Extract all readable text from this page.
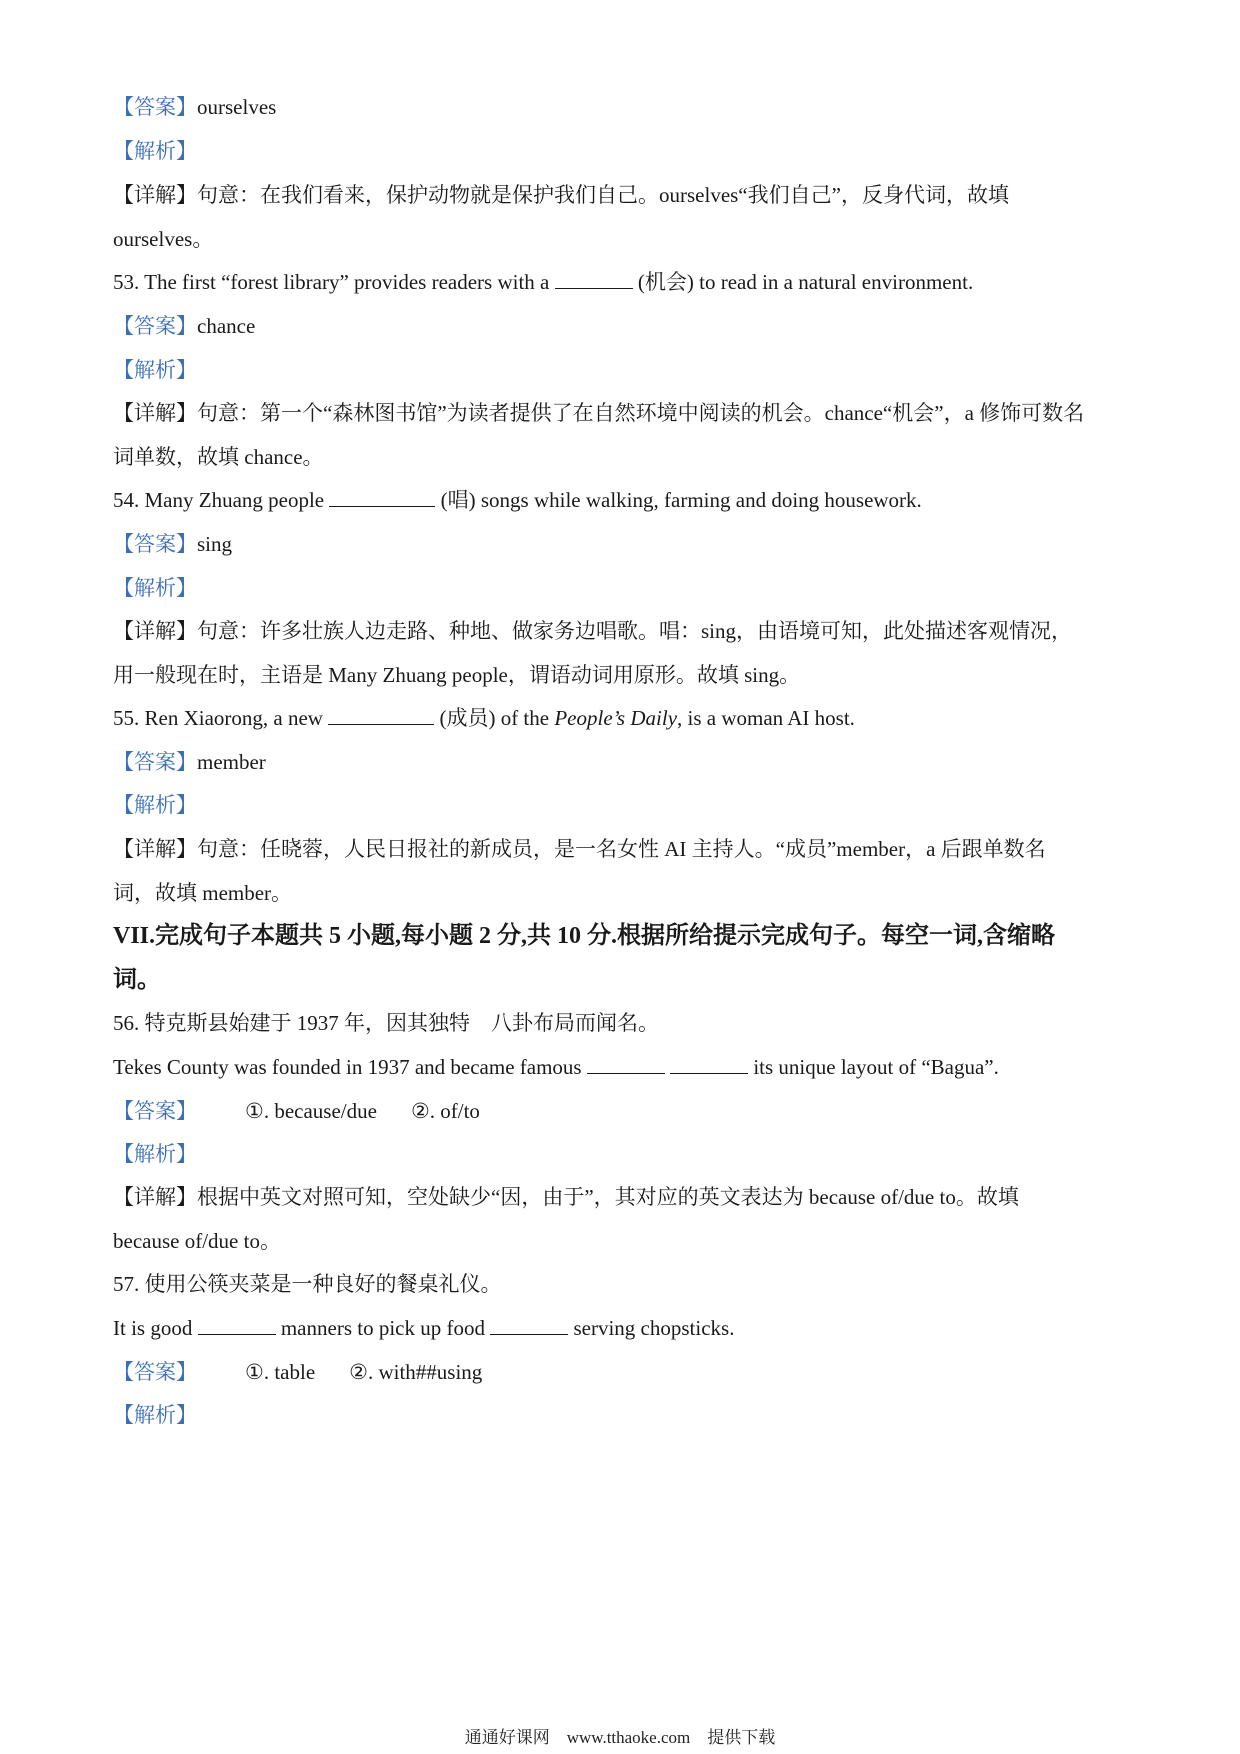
【答案】ourselves
【解析】
【详解】句意：在我们看来，保护动物就是保护我们自己。ourselves“我们自己”，反身代词，故填
ourselves。
53. The first “forest library” provides readers with a	(机会) to read in a natural environment.
【答案】chance
【解析】
【详解】句意：第一个“森林图书馆”为读者提供了在自然环境中阅读的机会。chance“机会”，a 修饰可数名
词单数，故填 chance。
54. Many Zhuang people	(唱) songs while walking, farming and doing housework.
【答案】sing
【解析】
【详解】句意：许多壮族人边走路、种地、做家务边唱歌。唱：sing，由语境可知，此处描述客观情况，
用一般现在时，主语是 Many Zhuang people，谓语动词用原形。故填 sing。
55. Ren Xiaorong, a new	(成员) of the People’s Daily, is a woman AI host.
【答案】member
【解析】
【详解】句意：任晓蓉，人民日报社的新成员，是一名女性 AI 主持人。“成员”member，a 后跟单数名
词，故填 member。
VII.完成句子本题共 5 小题,每小题 2 分,共 10 分.根据所给提示完成句子。每空一词,含缩略
词。
56. 特克斯县始建于 1937 年，因其独特　八卦布局而闻名。
Tekes County was founded in 1937 and became famous	its unique layout of “Bagua”.
【答案】 ①. because/due ②. of/to
【解析】
【详解】根据中英文对照可知，空处缺少“因，由于”，其对应的英文表达为 because of/due to。故填
because of/due to。
57. 使用公筷夹菜是一种良好的餐桌礼仪。
It is good	manners to pick up food	serving chopsticks.
【答案】 ①. table ②. with##using
【解析】
通通好课网　www.tthaoke.com　提供下载
